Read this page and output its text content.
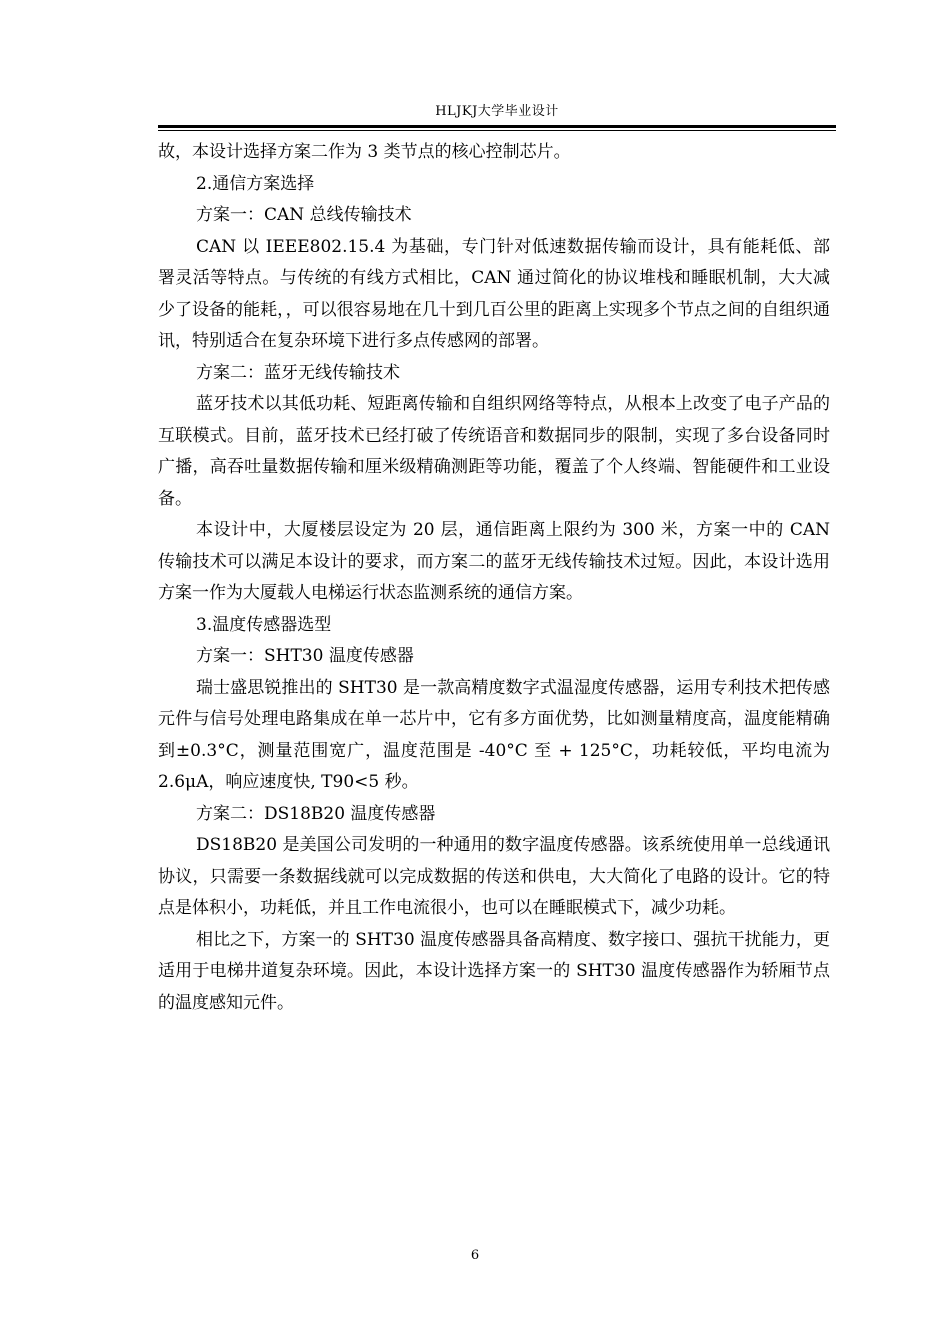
HLJKJ大学毕业设计

故，本设计选择方案二作为 3 类节点的核心控制芯片。

2.通信方案选择

方案一：CAN 总线传输技术

CAN 以 IEEE802.15.4 为基础，专门针对低速数据传输而设计，具有能耗低、部署灵活等特点。与传统的有线方式相比，CAN 通过简化的协议堆栈和睡眠机制，大大减少了设备的能耗，，可以很容易地在几十到几百公里的距离上实现多个节点之间的自组织通讯，特别适合在复杂环境下进行多点传感网的部署。

方案二：蓝牙无线传输技术

蓝牙技术以其低功耗、短距离传输和自组织网络等特点，从根本上改变了电子产品的互联模式。目前，蓝牙技术已经打破了传统语音和数据同步的限制，实现了多台设备同时广播，高吞吐量数据传输和厘米级精确测距等功能，覆盖了个人终端、智能硬件和工业设备。

本设计中，大厦楼层设定为 20 层，通信距离上限约为 300 米，方案一中的 CAN 传输技术可以满足本设计的要求，而方案二的蓝牙无线传输技术过短。因此，本设计选用方案一作为大厦载人电梯运行状态监测系统的通信方案。

3.温度传感器选型

方案一：SHT30 温度传感器

瑞士盛思锐推出的 SHT30 是一款高精度数字式温湿度传感器，运用专利技术把传感元件与信号处理电路集成在单一芯片中，它有多方面优势，比如测量精度高，温度能精确到±0.3°C，测量范围宽广，温度范围是 -40°C 至 + 125°C，功耗较低，平均电流为 2.6μA，响应速度快, T90<5 秒。

方案二：DS18B20 温度传感器

DS18B20 是美国公司发明的一种通用的数字温度传感器。该系统使用单一总线通讯协议，只需要一条数据线就可以完成数据的传送和供电，大大简化了电路的设计。它的特点是体积小，功耗低，并且工作电流很小，也可以在睡眠模式下，减少功耗。

相比之下，方案一的 SHT30 温度传感器具备高精度、数字接口、强抗干扰能力，更适用于电梯井道复杂环境。因此，本设计选择方案一的 SHT30 温度传感器作为轿厢节点的温度感知元件。

6
